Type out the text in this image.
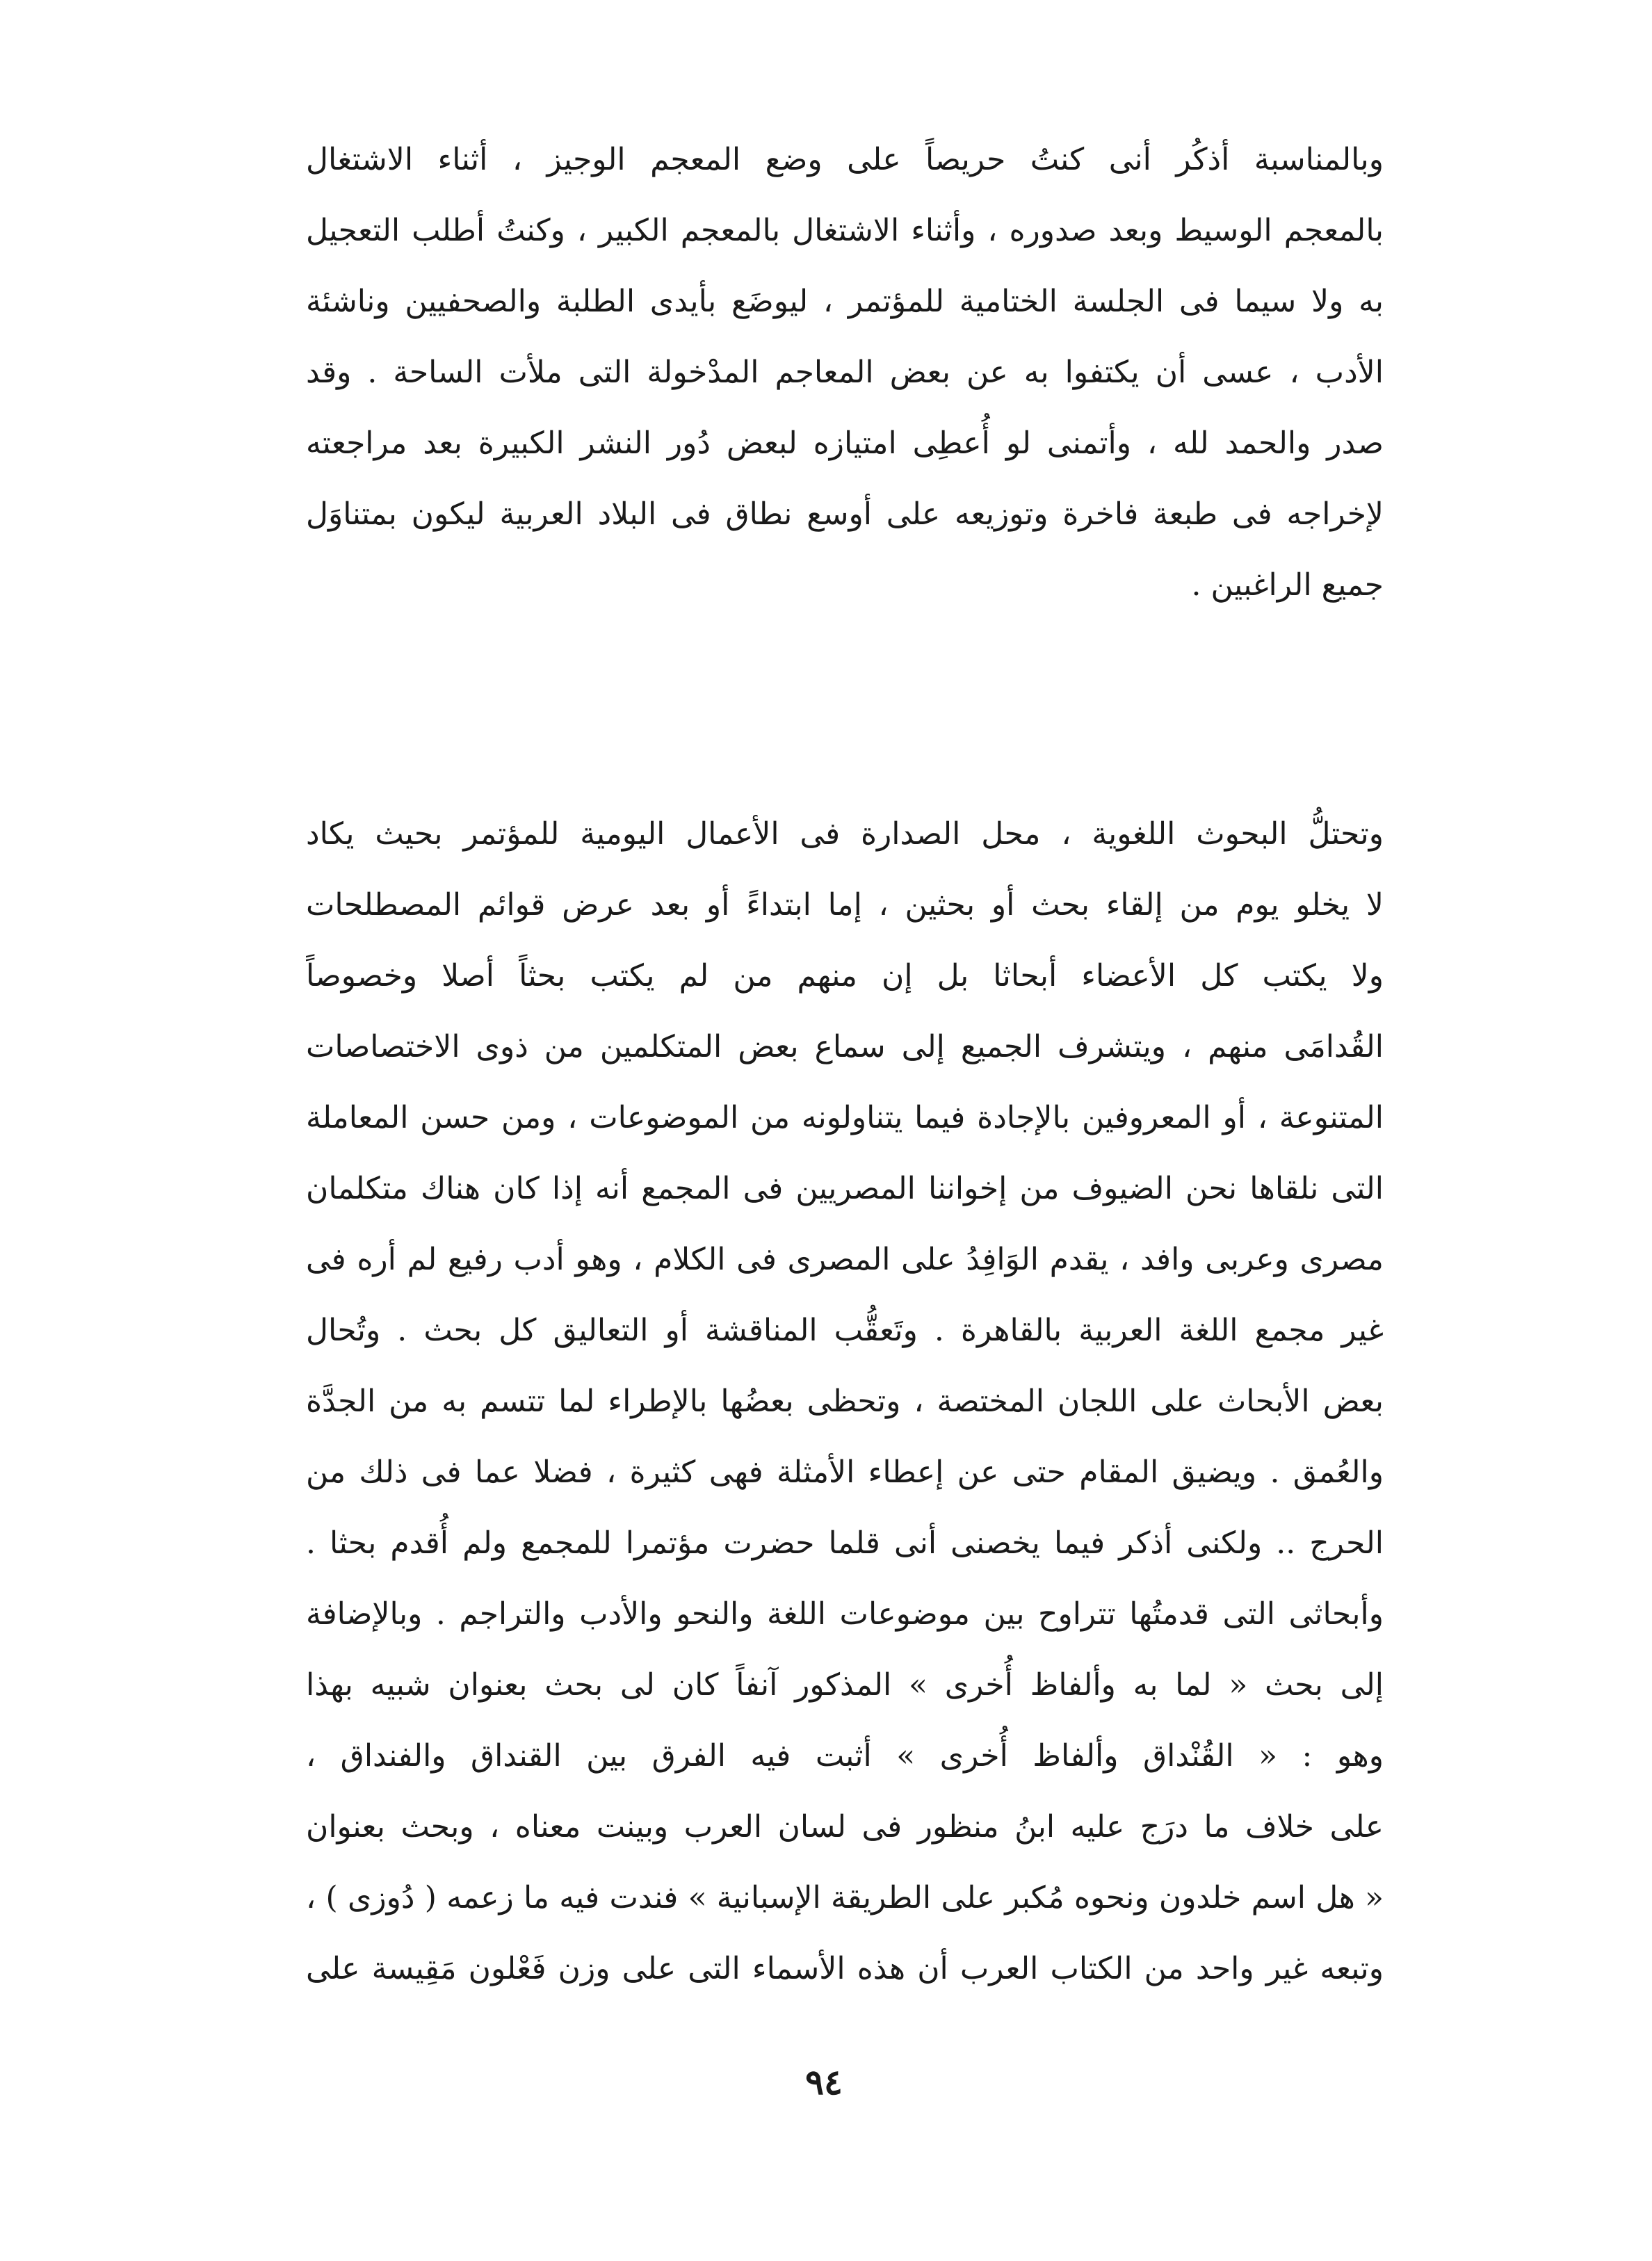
وبالمناسبة أذكُر أنى كنتُ حريصاً على وضع المعجم الوجيز ، أثناء الاشتغال
بالمعجم الوسيط وبعد صدوره ، وأثناء الاشتغال بالمعجم الكبير ، وكنتُ أطلب التعجيل
به ولا سيما فى الجلسة الختامية للمؤتمر ، ليوضَع بأيدى الطلبة والصحفيين وناشئة
الأدب ، عسى أن يكتفوا به عن بعض المعاجم المدْخولة التى ملأت الساحة . وقد
صدر والحمد لله ، وأتمنى لو أُعطِى امتيازه لبعض دُور النشر الكبيرة بعد مراجعته
لإخراجه فى طبعة فاخرة وتوزيعه على أوسع نطاق فى البلاد العربية ليكون بمتناوَل
جميع الراغبين .
وتحتلُّ البحوث اللغوية ، محل الصدارة فى الأعمال اليومية للمؤتمر بحيث يكاد
لا يخلو يوم من إلقاء بحث أو بحثين ، إما ابتداءً أو بعد عرض قوائم المصطلحات
ولا يكتب كل الأعضاء أبحاثا بل إن منهم من لم يكتب بحثاً أصلا وخصوصاً
القُدامَى منهم ، ويتشرف الجميع إلى سماع بعض المتكلمين من ذوى الاختصاصات
المتنوعة ، أو المعروفين بالإجادة فيما يتناولونه من الموضوعات ، ومن حسن المعاملة
التى نلقاها نحن الضيوف من إخواننا المصريين فى المجمع أنه إذا كان هناك متكلمان
مصرى وعربى وافد ، يقدم الوَافِدُ على المصرى فى الكلام ، وهو أدب رفيع لم أره فى
غير مجمع اللغة العربية بالقاهرة . وتَعقُّب المناقشة أو التعاليق كل بحث . وتُحال
بعض الأبحاث على اللجان المختصة ، وتحظى بعضُها بالإطراء لما تتسم به من الجدَّة
والعُمق . ويضيق المقام حتى عن إعطاء الأمثلة فهى كثيرة ، فضلا عما فى ذلك من
الحرج .. ولكنى أذكر فيما يخصنى أنى قلما حضرت مؤتمرا للمجمع ولم أُقدم بحثا .
وأبحاثى التى قدمتُها تتراوح بين موضوعات اللغة والنحو والأدب والتراجم . وبالإضافة
إلى بحث « لما به وألفاظ أُخرى » المذكور آنفاً كان لى بحث بعنوان شبيه بهذا
وهو : « القُنْداق وألفاظ أُخرى » أثبت فيه الفرق بين القنداق والفنداق ،
على خلاف ما درَج عليه ابنُ منظور فى لسان العرب وبينت معناه ، وبحث بعنوان
« هل اسم خلدون ونحوه مُكبر على الطريقة الإسبانية » فندت فيه ما زعمه ( دُوزى ) ،
وتبعه غير واحد من الكتاب العرب أن هذه الأسماء التى على وزن فَعْلون مَقِيسة على
٩٤
